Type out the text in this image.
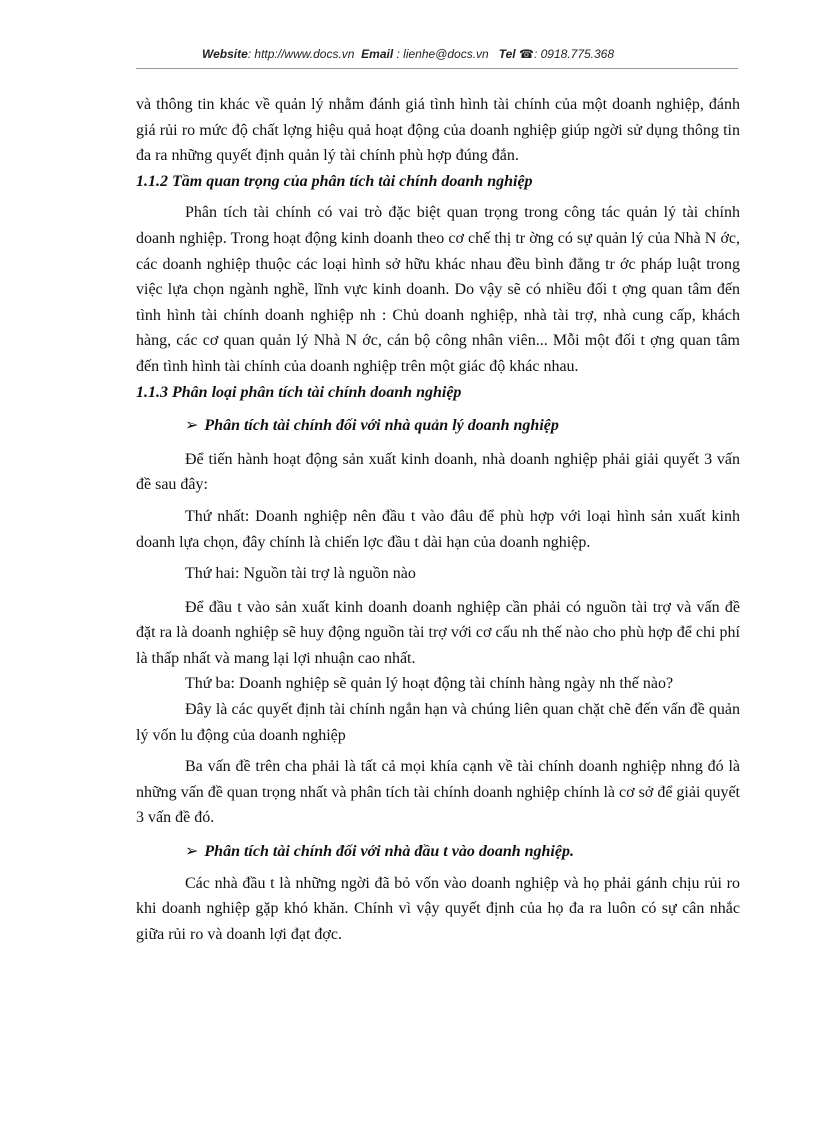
Website: http://www.docs.vn Email : lienhe@docs.vn Tel ☎: 0918.775.368

và thông tin khác về quản lý nhằm đánh giá tình hình tài chính của một doanh nghiệp, đánh giá rủi ro mức độ chất lợng hiệu quả hoạt động của doanh nghiệp giúp ngời sử dụng thông tin đa ra những quyết định quản lý tài chính phù hợp đúng đắn.

1.1.2 Tầm quan trọng của phân tích tài chính doanh nghiệp

Phân tích tài chính có vai trò đặc biệt quan trọng trong công tác quản lý tài chính doanh nghiệp. Trong hoạt động kinh doanh theo cơ chế thị tr ờng có sự quản lý của Nhà N ớc, các doanh nghiệp thuộc các loại hình sở hữu khác nhau đều bình đẳng tr ớc pháp luật trong việc lựa chọn ngành nghề, lĩnh vực kinh doanh. Do vậy sẽ có nhiều đối t ợng quan tâm đến tình hình tài chính doanh nghiệp nh : Chủ doanh nghiệp, nhà tài trợ, nhà cung cấp, khách hàng, các cơ quan quản lý Nhà N ớc, cán bộ công nhân viên... Mỗi một đối t ợng quan tâm đến tình hình tài chính của doanh nghiệp trên một giác độ khác nhau.

1.1.3 Phân loại phân tích tài chính doanh nghiệp
➢ Phân tích tài chính đối với nhà quản lý doanh nghiệp

Để tiến hành hoạt động sản xuất kinh doanh, nhà doanh nghiệp phải giải quyết 3 vấn đề sau đây:

Thứ nhất: Doanh nghiệp nên đầu t vào đâu để phù hợp với loại hình sản xuất kinh doanh lựa chọn, đây chính là chiến lợc đầu t dài hạn của doanh nghiệp.

Thứ hai: Nguồn tài trợ là nguồn nào

Để đầu t vào sản xuất kinh doanh doanh nghiệp cần phải có nguồn tài trợ và vấn đề đặt ra là doanh nghiệp sẽ huy động nguồn tài trợ với cơ cấu nh thế nào cho phù hợp để chi phí là thấp nhất và mang lại lợi nhuận cao nhất.

Thứ ba: Doanh nghiệp sẽ quản lý hoạt động tài chính hàng ngày nh thế nào?

Đây là các quyết định tài chính ngắn hạn và chúng liên quan chặt chẽ đến vấn đề quản lý vốn lu động của doanh nghiệp

Ba vấn đề trên cha phải là tất cả mọi khía cạnh về tài chính doanh nghiệp nhng đó là những vấn đề quan trọng nhất và phân tích tài chính doanh nghiệp chính là cơ sở để giải quyết 3 vấn đề đó.

➢ Phân tích tài chính đối với nhà đầu t vào doanh nghiệp.

Các nhà đầu t là những ngời đã bỏ vốn vào doanh nghiệp và họ phải gánh chịu rủi ro khi doanh nghiệp gặp khó khăn. Chính vì vậy quyết định của họ đa ra luôn có sự cân nhắc giữa rủi ro và doanh lợi đạt đợc.
